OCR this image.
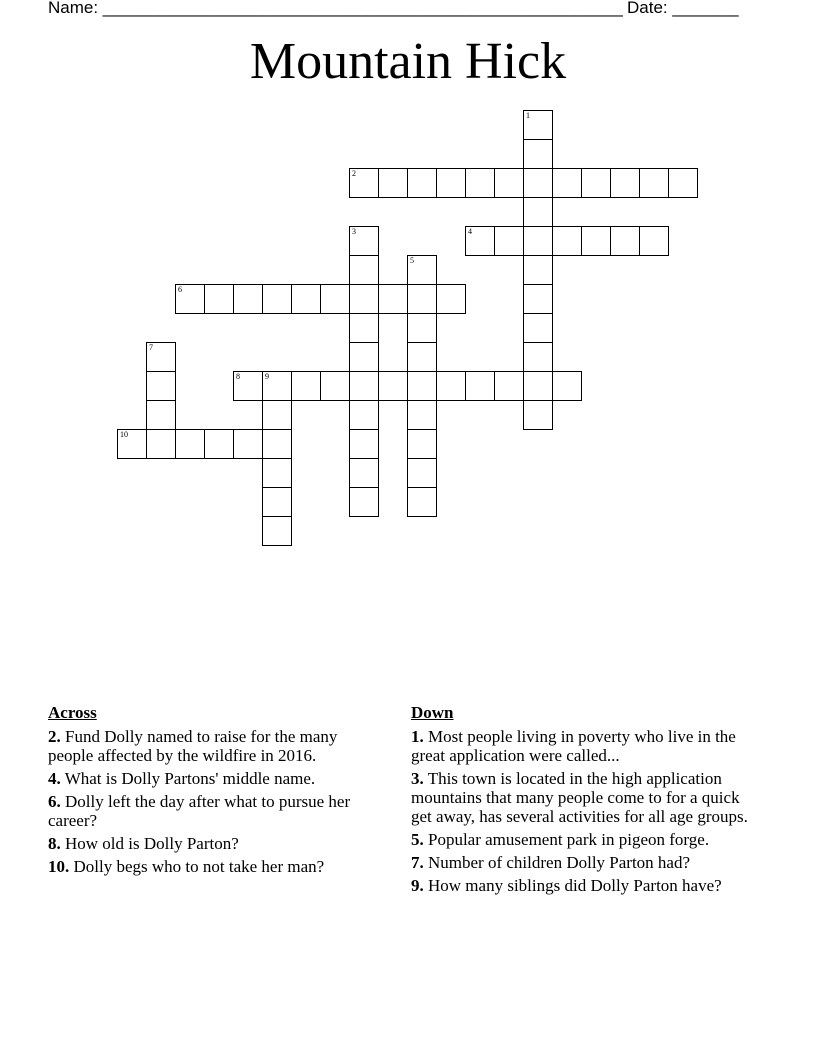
Name: _______________________________________________________ Date: _______
Mountain Hick
1
2
3	4
5
6
7
8	9
10
Across
2. Fund Dolly named to raise for the many people affected by the wildfire in 2016.
4. What is Dolly Partons' middle name.
6. Dolly left the day after what to pursue her career?
8. How old is Dolly Parton?
10. Dolly begs who to not take her man?
Down
1. Most people living in poverty who live in the great application were called...
3. This town is located in the high application mountains that many people come to for a quick get away, has several activities for all age groups.
5. Popular amusement park in pigeon forge.
7. Number of children Dolly Parton had?
9. How many siblings did Dolly Parton have?
